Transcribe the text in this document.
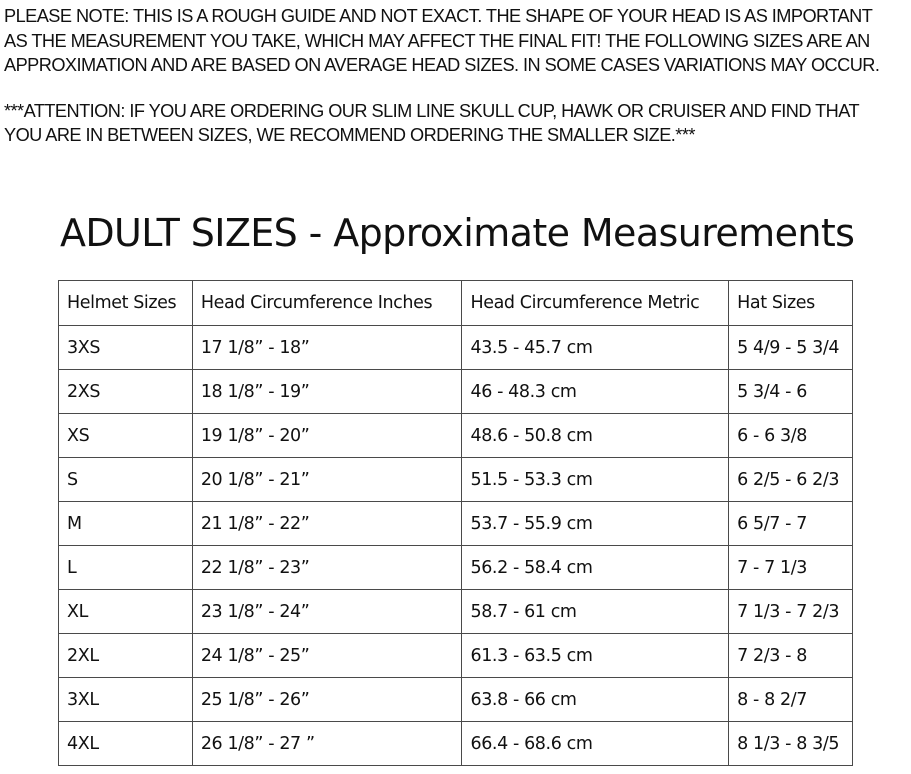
PLEASE NOTE: THIS IS A ROUGH GUIDE AND NOT EXACT. THE SHAPE OF YOUR HEAD IS AS IMPORTANT
AS THE MEASUREMENT YOU TAKE, WHICH MAY AFFECT THE FINAL FIT! THE FOLLOWING SIZES ARE AN
APPROXIMATION AND ARE BASED ON AVERAGE HEAD SIZES. IN SOME CASES VARIATIONS MAY OCCUR.
***ATTENTION: IF YOU ARE ORDERING OUR SLIM LINE SKULL CUP, HAWK OR CRUISER AND FIND THAT
YOU ARE IN BETWEEN SIZES, WE RECOMMEND ORDERING THE SMALLER SIZE.***
ADULT SIZES - Approximate Measurements
Helmet Sizes	Head Circumference Inches	Head Circumference Metric	Hat Sizes
3XS	17 1/8” - 18”	43.5 - 45.7 cm	5 4/9 - 5 3/4
2XS	18 1/8” - 19”	46 - 48.3 cm	5 3/4 - 6
XS	19 1/8” - 20”	48.6 - 50.8 cm	6 - 6 3/8
S	20 1/8” - 21”	51.5 - 53.3 cm	6 2/5 - 6 2/3
M	21 1/8” - 22”	53.7 - 55.9 cm	6 5/7 - 7
L	22 1/8” - 23”	56.2 - 58.4 cm	7 - 7 1/3
XL	23 1/8” - 24”	58.7 - 61 cm	7 1/3 - 7 2/3
2XL	24 1/8” - 25”	61.3 - 63.5 cm	7 2/3 - 8
3XL	25 1/8” - 26”	63.8 - 66 cm	8 - 8 2/7
4XL	26 1/8” - 27 ”	66.4 - 68.6 cm	8 1/3 - 8 3/5
